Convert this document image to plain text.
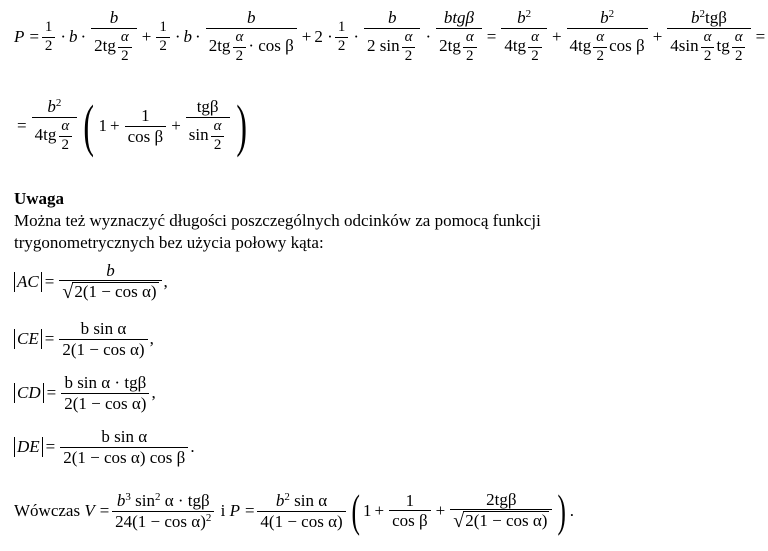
$P = \frac{1}{2} \cdot b$ ·
b
$2tg \frac{\alpha}{2} + \frac{1}{2} \cdot b$ ·
b
$2tg \frac{\alpha}{2} \cdot \cos \beta + 2$ ·
1
2 ·
b
2 $\sin \frac{\alpha}{2}$ ·
btgβ
$2tg \frac{\alpha}{2}$ =
$b^2$
$4tg \frac{\alpha}{2}$ +
$b^2$
$4tg \frac{\alpha}{2}$ cos β +
$b^2tg\beta$
$4\sin \frac{\alpha}{2}$ tg $\frac{\alpha}{2}$ =
=
$b^2$
$4tg \frac{\alpha}{2}$ ( $1 + \frac{1}{\text{cos β}}$ +
tgβ
$\sin \frac{\alpha}{2}$ )
Uwaga
Można też wyznaczyć długości poszczególnych odcinków za pomocą funkcji
trygonometrycznych bez użycia połowy kąta:
AC = $\frac{b}{\text{√ 2(1 − cos α)}}$ ,
CE = $\frac{\text{b sin α}}{\text{2(1 − cos α)}}$ ,
CD =
b sin α · tgβ
2(1 − cos α)
,
DE = $\frac{\text{b sin α}}{\text{2(1 − cos α) cos β}}$ .
Wówczas
V =
$b^3$ $\sin^2 \alpha \cdot tg\beta$
$24(1 - \cos \alpha)^2$
i
$P = \frac{b^2 \sin \alpha}{\text{4(1 − cos α)}}$ ( $1 + \frac{1}{\text{cos β}}$ +
2tgβ
√ 2(1 − cos α) ) .
